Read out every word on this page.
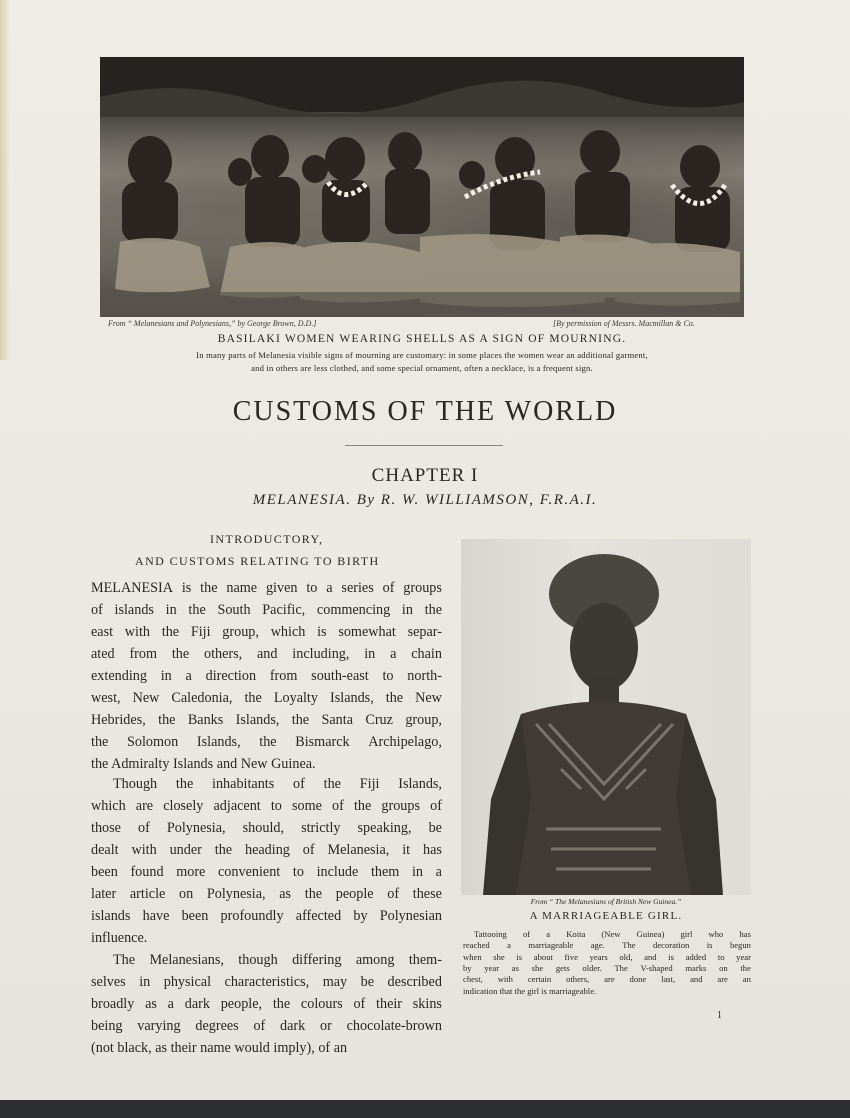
From “ Melanesians and Polynesians,” by George Brown, D.D.]	[By permission of Messrs. Macmillan & Co.
BASILAKI WOMEN WEARING SHELLS AS A SIGN OF MOURNING.
In many parts of Melanesia visible signs of mourning are customary: in some places the women wear an additional garment,
and in others are less clothed, and some special ornament, often a necklace, is a frequent sign.
CUSTOMS OF THE WORLD
CHAPTER I
MELANESIA. By R. W. WILLIAMSON, F.R.A.I.
INTRODUCTORY,
AND CUSTOMS RELATING TO BIRTH
MELANESIA is the name given to a series of groups
of islands in the South Pacific, commencing in the
east with the Fiji group, which is somewhat separ-
ated from the others, and including, in a chain
extending in a direction from south-east to north-
west, New Caledonia, the Loyalty Islands, the New
Hebrides, the Banks Islands, the Santa Cruz group,
the Solomon Islands, the Bismarck Archipelago,
the Admiralty Islands and New Guinea.
Though the inhabitants of the Fiji Islands,
which are closely adjacent to some of the groups of
those of Polynesia, should, strictly speaking, be
dealt with under the heading of Melanesia, it has
been found more convenient to include them in a
later article on Polynesia, as the people of these
islands have been profoundly affected by Polynesian
influence.
The Melanesians, though differing among them-
selves in physical characteristics, may be described
broadly as a dark people, the colours of their skins
being varying degrees of dark or chocolate-brown
(not black, as their name would imply), of an
From “ The Melanesians of British New Guinea.”
A MARRIAGEABLE GIRL.
Tattooing of a Koita (New Guinea) girl who has
reached a marriageable age. The decoration is begun
when she is about five years old, and is added to year
by year as she gets older. The V-shaped marks on the
chest, with certain others, are done last, and are an
indication that the girl is marriageable.
1
